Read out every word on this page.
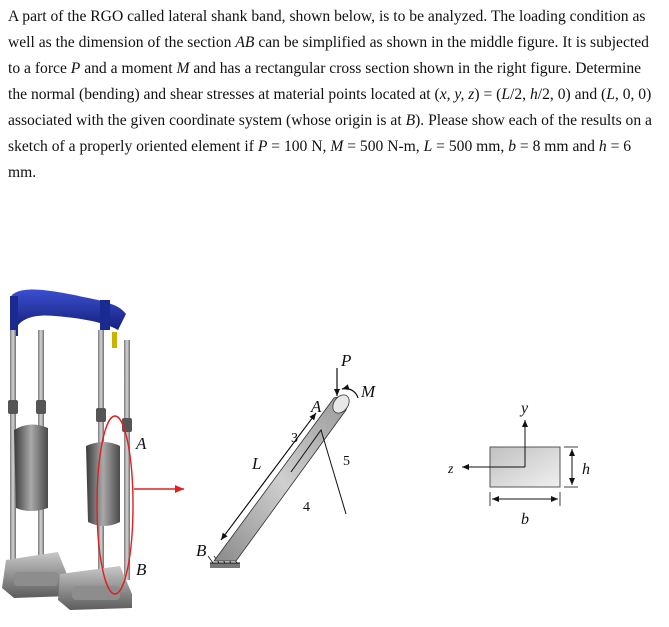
A part of the RGO called lateral shank band, shown below, is to be analyzed. The loading condition as well as the dimension of the section AB can be simplified as shown in the middle figure. It is subjected to a force P and a moment M and has a rectangular cross section shown in the right figure. Determine the normal (bending) and shear stresses at material points located at (x, y, z) = (L/2, h/2, 0) and (L, 0, 0) associated with the given coordinate system (whose origin is at B). Please show each of the results on a sketch of a properly oriented element if P = 100 N, M = 500 N-m, L = 500 mm, b = 8 mm and h = 6 mm.

A
B
P
M
A
B
L
3
4
5
y
z
b
h
